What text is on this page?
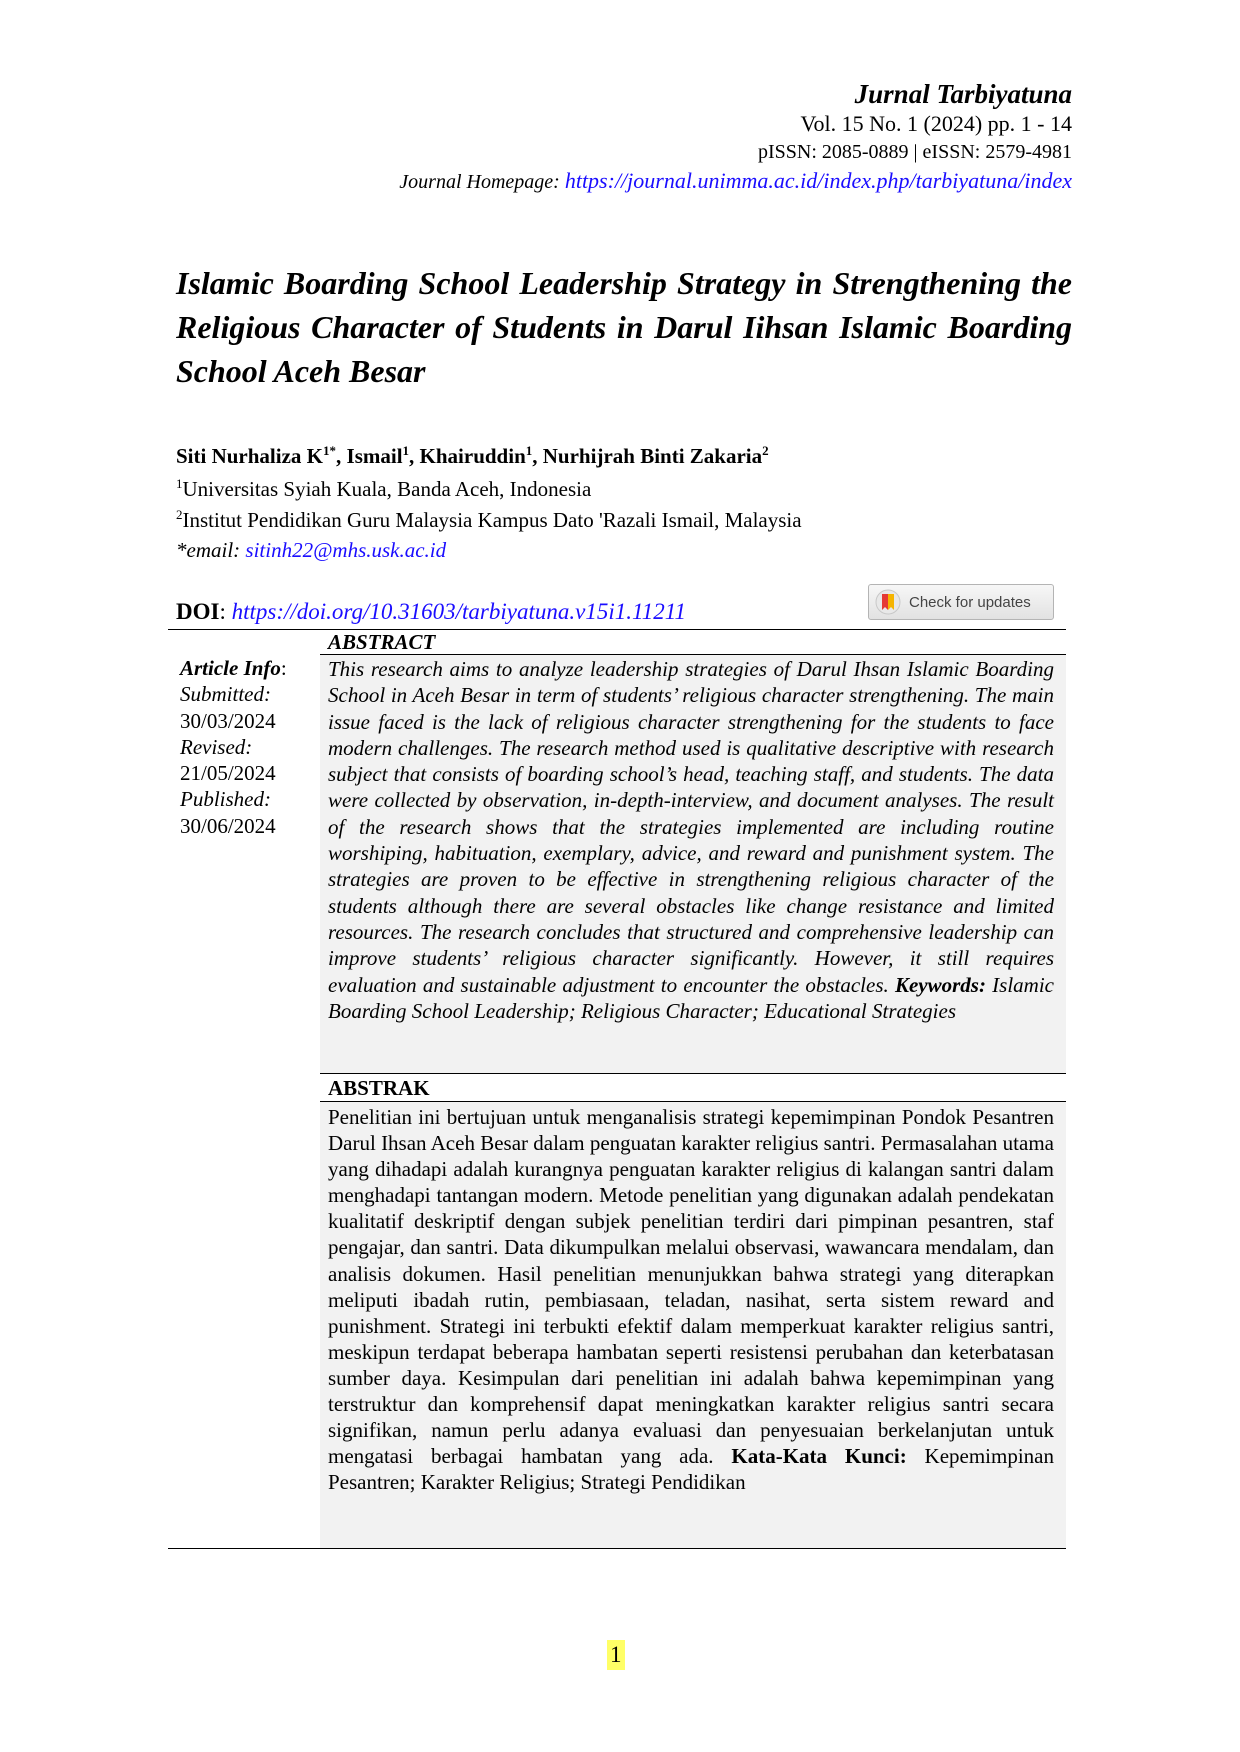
Jurnal Tarbiyatuna
Vol. 15 No. 1 (2024) pp. 1 - 14
pISSN: 2085-0889 | eISSN: 2579-4981
Journal Homepage: https://journal.unimma.ac.id/index.php/tarbiyatuna/index
Islamic Boarding School Leadership Strategy in Strengthening the Religious Character of Students in Darul Iihsan Islamic Boarding School Aceh Besar
Siti Nurhaliza $K^{1*}$, Ismail$^1$, Khairuddin$^1$, Nurhijrah Binti Zakaria$^2$
$^1$Universitas Syiah Kuala, Banda Aceh, Indonesia
$^2$Institut Pendidikan Guru Malaysia Kampus Dato 'Razali Ismail, Malaysia
*email: sitinh22@mhs.usk.ac.id
DOI: https://doi.org/10.31603/tarbiyatuna.v15i1.11211	Check for updates
ABSTRACT
Article Info:
Submitted:
30/03/2024
Revised:
21/05/2024
Published:
30/06/2024
This research aims to analyze leadership strategies of Darul Ihsan Islamic Boarding School in Aceh Besar in term of students’ religious character strengthening. The main issue faced is the lack of religious character strengthening for the students to face modern challenges. The research method used is qualitative descriptive with research subject that consists of boarding school’s head, teaching staff, and students. The data were collected by observation, in-depth-interview, and document analyses. The result of the research shows that the strategies implemented are including routine worshiping, habituation, exemplary, advice, and reward and punishment system. The strategies are proven to be effective in strengthening religious character of the students although there are several obstacles like change resistance and limited resources. The research concludes that structured and comprehensive leadership can improve students’ religious character significantly. However, it still requires evaluation and sustainable adjustment to encounter the obstacles. Keywords: Islamic Boarding School Leadership; Religious Character; Educational Strategies
ABSTRAK
Penelitian ini bertujuan untuk menganalisis strategi kepemimpinan Pondok Pesantren Darul Ihsan Aceh Besar dalam penguatan karakter religius santri. Permasalahan utama yang dihadapi adalah kurangnya penguatan karakter religius di kalangan santri dalam menghadapi tantangan modern. Metode penelitian yang digunakan adalah pendekatan kualitatif deskriptif dengan subjek penelitian terdiri dari pimpinan pesantren, staf pengajar, dan santri. Data dikumpulkan melalui observasi, wawancara mendalam, dan analisis dokumen. Hasil penelitian menunjukkan bahwa strategi yang diterapkan meliputi ibadah rutin, pembiasaan, teladan, nasihat, serta sistem reward and punishment. Strategi ini terbukti efektif dalam memperkuat karakter religius santri, meskipun terdapat beberapa hambatan seperti resistensi perubahan dan keterbatasan sumber daya. Kesimpulan dari penelitian ini adalah bahwa kepemimpinan yang terstruktur dan komprehensif dapat meningkatkan karakter religius santri secara signifikan, namun perlu adanya evaluasi dan penyesuaian berkelanjutan untuk mengatasi berbagai hambatan yang ada. Kata-Kata Kunci: Kepemimpinan Pesantren; Karakter Religius; Strategi Pendidikan
1
